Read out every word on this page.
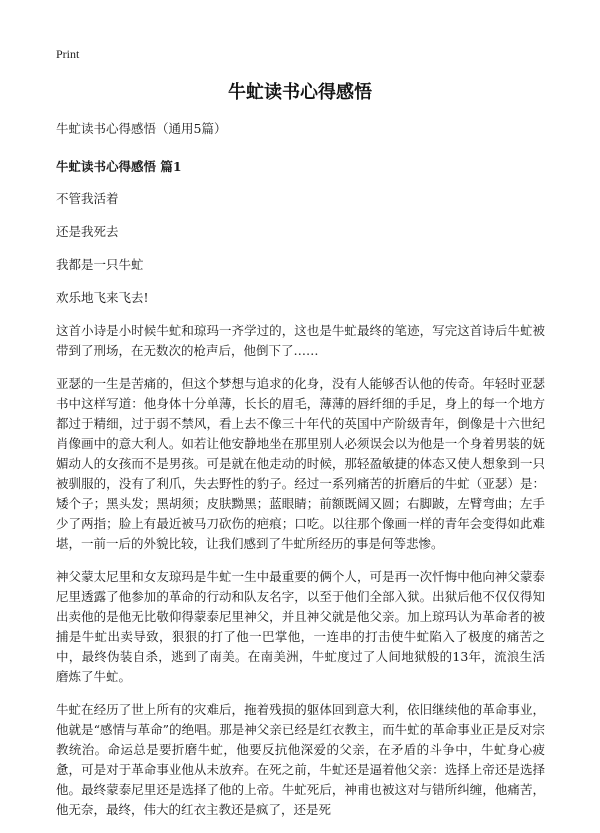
Print
牛虻读书心得感悟

牛虻读书心得感悟（通用5篇）

牛虻读书心得感悟 篇1

不管我活着

还是我死去

我都是一只牛虻

欢乐地飞来飞去!

这首小诗是小时候牛虻和琼玛一齐学过的，这也是牛虻最终的笔迹，写完这首诗后牛虻被带到了刑场，在无数次的枪声后，他倒下了……

亚瑟的一生是苦痛的，但这个梦想与追求的化身，没有人能够否认他的传奇。年轻时亚瑟书中这样写道：他身体十分单薄，长长的眉毛，薄薄的唇纤细的手足，身上的每一个地方都过于精细，过于弱不禁风，看上去不像三十年代的英国中产阶级青年，倒像是十六世纪肖像画中的意大利人。如若让他安静地坐在那里别人必须误会以为他是一个身着男装的妩媚动人的女孩而不是男孩。可是就在他走动的时候，那轻盈敏捷的体态又使人想象到一只被驯服的，没有了利爪，失去野性的豹子。经过一系列痛苦的折磨后的牛虻（亚瑟）是：矮个子；黑头发；黑胡须；皮肤黝黑；蓝眼睛；前额既阔又圆；右脚跛，左臂弯曲；左手少了两指；脸上有最近被马刀砍伤的疤痕；口吃。以往那个像画一样的青年会变得如此难堪，一前一后的外貌比较，让我们感到了牛虻所经历的事是何等悲惨。

神父蒙太尼里和女友琼玛是牛虻一生中最重要的俩个人，可是再一次忏悔中他向神父蒙泰尼里透露了他参加的革命的行动和队友名字，以至于他们全部入狱。出狱后他不仅仅得知出卖他的是他无比敬仰得蒙泰尼里神父，并且神父就是他父亲。加上琼玛认为革命者的被捕是牛虻出卖导致，狠狠的打了他一巴掌他，一连串的打击使牛虻陷入了极度的痛苦之中，最终伪装自杀，逃到了南美。在南美洲，牛虻度过了人间地狱般的13年，流浪生活磨炼了牛虻。

牛虻在经历了世上所有的灾难后，拖着残损的躯体回到意大利，依旧继续他的革命事业，他就是“感情与革命”的绝唱。那是神父亲已经是红衣教主，而牛虻的革命事业正是反对宗教统治。命运总是要折磨牛虻，他要反抗他深爱的父亲，在矛盾的斗争中，牛虻身心疲惫，可是对于革命事业他从未放弃。在死之前，牛虻还是逼着他父亲：选择上帝还是选择他。最终蒙泰尼里还是选择了他的上帝。牛虻死后，神甫也被这对与错所纠缠，他痛苦，他无奈，最终，伟大的红衣主教还是疯了，还是死
